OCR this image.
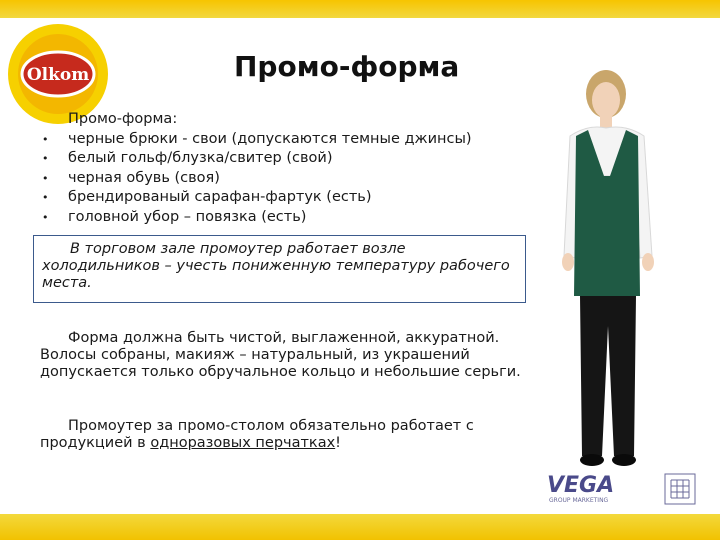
Olkom	Промо-форма
Промо-форма:
• черные брюки - свои (допускаются темные джинсы)
• белый гольф/блузка/свитер (свой)
• черная обувь (своя)
• брендированый сарафан-фартук (есть)
• головной убор – повязка (есть)
В торговом зале промоутер работает возле холодильников – учесть пониженную температуру рабочего места.

Форма должна быть чистой, выглаженной, аккуратной. Волосы собраны, макияж – натуральный, из украшений допускается только обручальное кольцо и небольшие серьги.

Промоутер за промо-столом обязательно работает с продукцией в одноразовых перчатках!

VEGA
GROUP MARKETING
